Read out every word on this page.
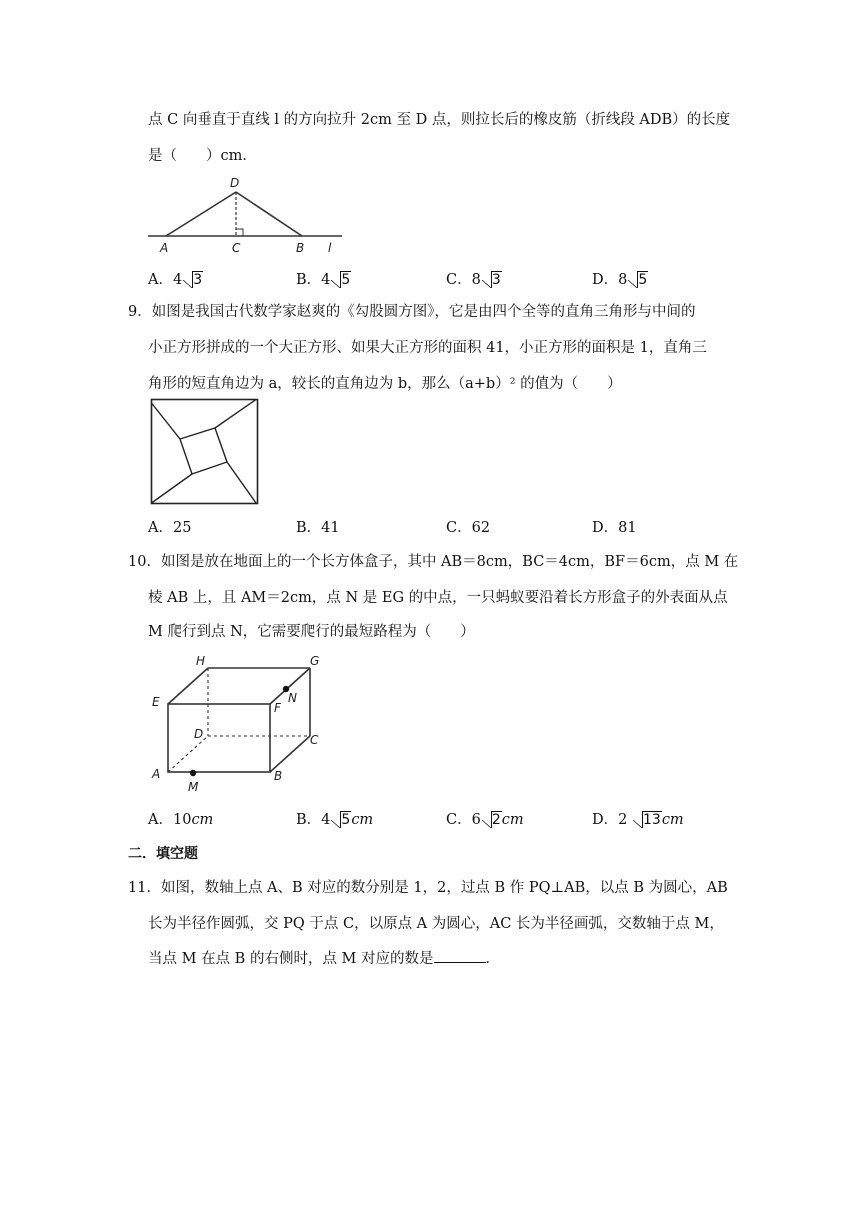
点 C 向垂直于直线 l 的方向拉升 2cm 至 D 点，则拉长后的橡皮筋（折线段 ADB）的长度
是（　　）cm．
D
A	C	B l
A．4 3	B．4 5	C．8 3	D．8 5
9．如图是我国古代数学家赵爽的《勾股圆方图》，它是由四个全等的直角三角形与中间的
小正方形拼成的一个大正方形、如果大正方形的面积 41，小正方形的面积是 1，直角三
角形的短直角边为 a，较长的直角边为 b，那么（a+b）² 的值为（　　）
A．25	B．41	C．62	D．81
10．如图是放在地面上的一个长方体盒子，其中 AB＝8cm，BC＝4cm，BF＝6cm，点 M 在
棱 AB 上，且 AM＝2cm，点 N 是 EG 的中点，一只蚂蚁要沿着长方形盒子的外表面从点
M 爬行到点 N，它需要爬行的最短路程为（　　）
H	G
E	F
N
D	C
A	B
M
A．10cm	B．4 5cm	C．6 2cm	D．2 13cm
二．填空题
11．如图，数轴上点 A、B 对应的数分别是 1，2，过点 B 作 PQ⊥AB，以点 B 为圆心，AB
长为半径作圆弧，交 PQ 于点 C，以原点 A 为圆心，AC 长为半径画弧，交数轴于点 M，
当点 M 在点 B 的右侧时，点 M 对应的数是	．
